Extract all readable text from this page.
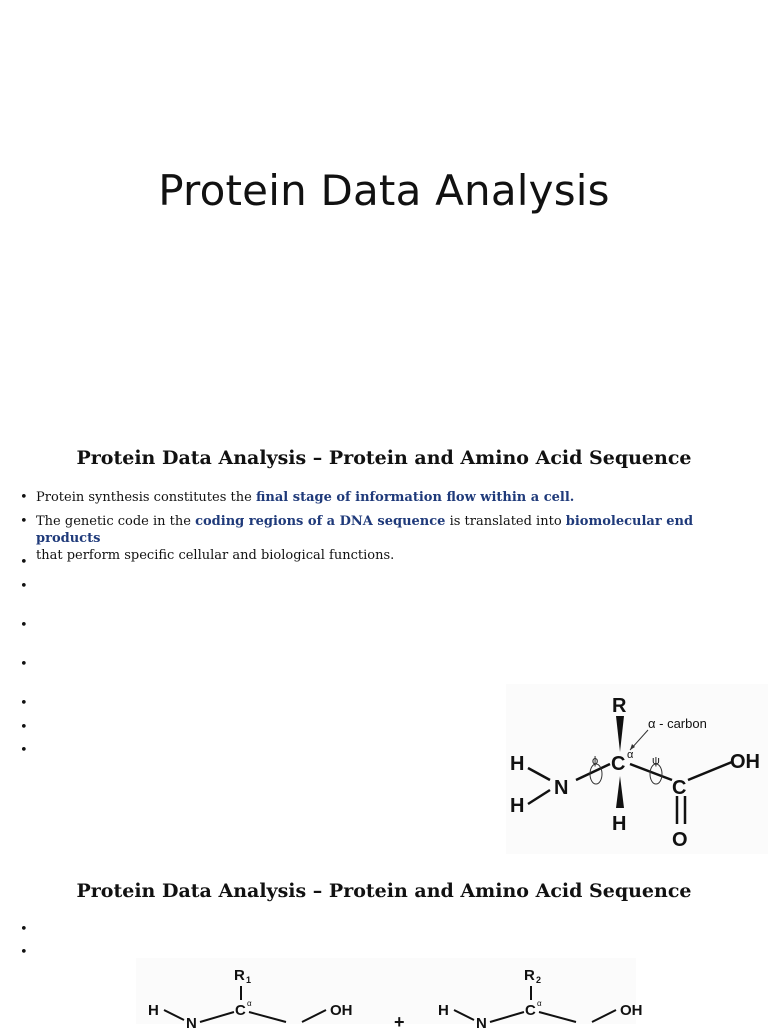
Protein Data Analysis
Protein Data Analysis – Protein and Amino Acid Sequence
• Protein synthesis constitutes the final stage of information flow within a cell.
• The genetic code in the coding regions of a DNA sequence is translated into biomolecular end products
that perform specific cellular and biological functions.
•
•
•
•
•
•
•
R
α - carbon
H
H
N
C α
ϕ	ψ
C
OH
O
H
Protein Data Analysis – Protein and Amino Acid Sequence
•
•
R 1
H
N
C α	OH
+
R 2
H
N
C α	OH
